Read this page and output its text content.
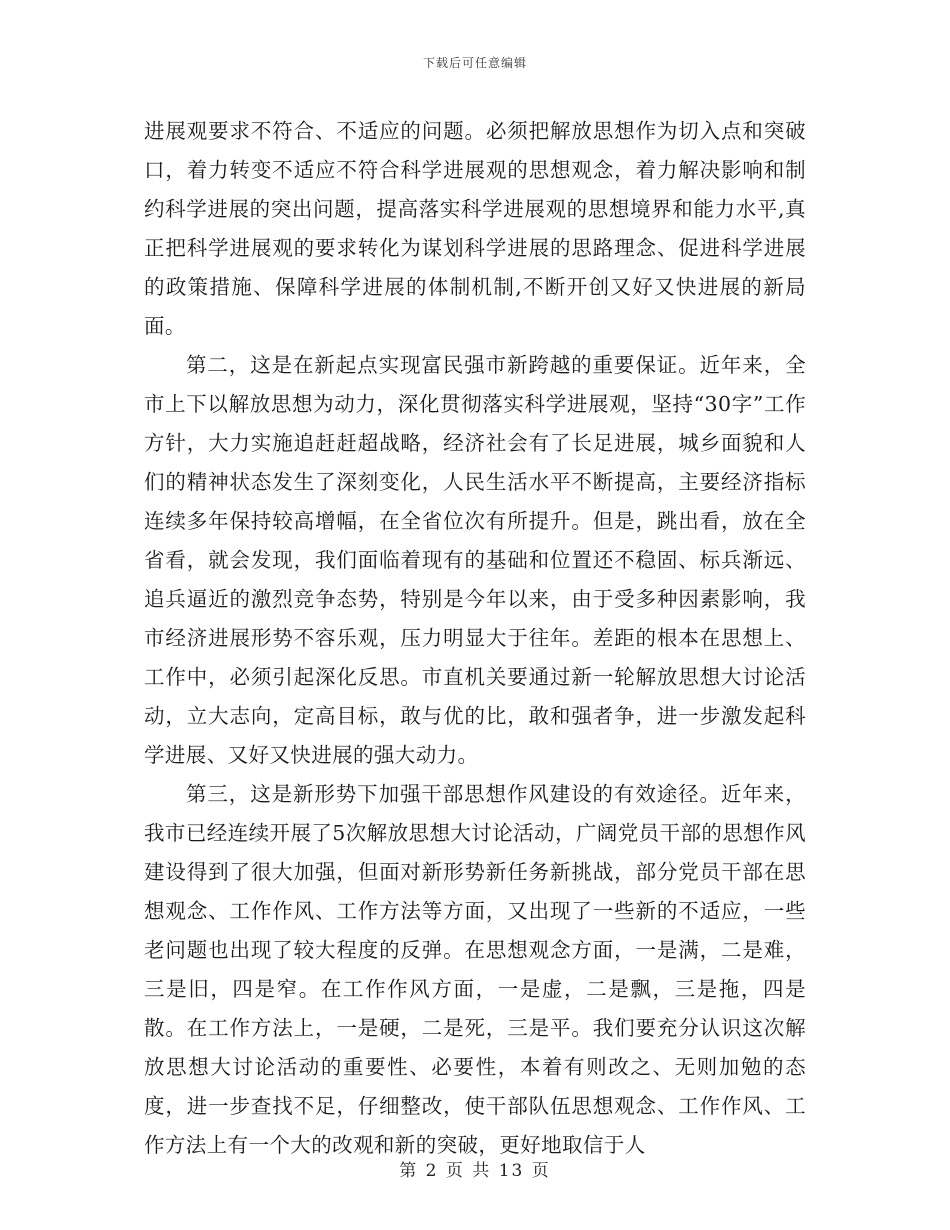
下载后可任意编辑

进展观要求不符合、不适应的问题。必须把解放思想作为切入点和突破口，着力转变不适应不符合科学进展观的思想观念，着力解决影响和制约科学进展的突出问题，提高落实科学进展观的思想境界和能力水平,真正把科学进展观的要求转化为谋划科学进展的思路理念、促进科学进展的政策措施、保障科学进展的体制机制,不断开创又好又快进展的新局面。

第二，这是在新起点实现富民强市新跨越的重要保证。近年来，全市上下以解放思想为动力，深化贯彻落实科学进展观，坚持“30字”工作方针，大力实施追赶赶超战略，经济社会有了长足进展，城乡面貌和人们的精神状态发生了深刻变化，人民生活水平不断提高，主要经济指标连续多年保持较高增幅，在全省位次有所提升。但是，跳出看，放在全省看，就会发现，我们面临着现有的基础和位置还不稳固、标兵渐远、追兵逼近的激烈竞争态势，特别是今年以来，由于受多种因素影响，我市经济进展形势不容乐观，压力明显大于往年。差距的根本在思想上、工作中，必须引起深化反思。市直机关要通过新一轮解放思想大讨论活动，立大志向，定高目标，敢与优的比，敢和强者争，进一步激发起科学进展、又好又快进展的强大动力。

第三，这是新形势下加强干部思想作风建设的有效途径。近年来，我市已经连续开展了5次解放思想大讨论活动，广阔党员干部的思想作风建设得到了很大加强，但面对新形势新任务新挑战，部分党员干部在思想观念、工作作风、工作方法等方面，又出现了一些新的不适应，一些老问题也出现了较大程度的反弹。在思想观念方面，一是满，二是难，三是旧，四是窄。在工作作风方面，一是虚，二是飘，三是拖，四是散。在工作方法上，一是硬，二是死，三是平。我们要充分认识这次解放思想大讨论活动的重要性、必要性，本着有则改之、无则加勉的态度，进一步查找不足，仔细整改，使干部队伍思想观念、工作作风、工作方法上有一个大的改观和新的突破，更好地取信于人

第 2 页 共 13 页
